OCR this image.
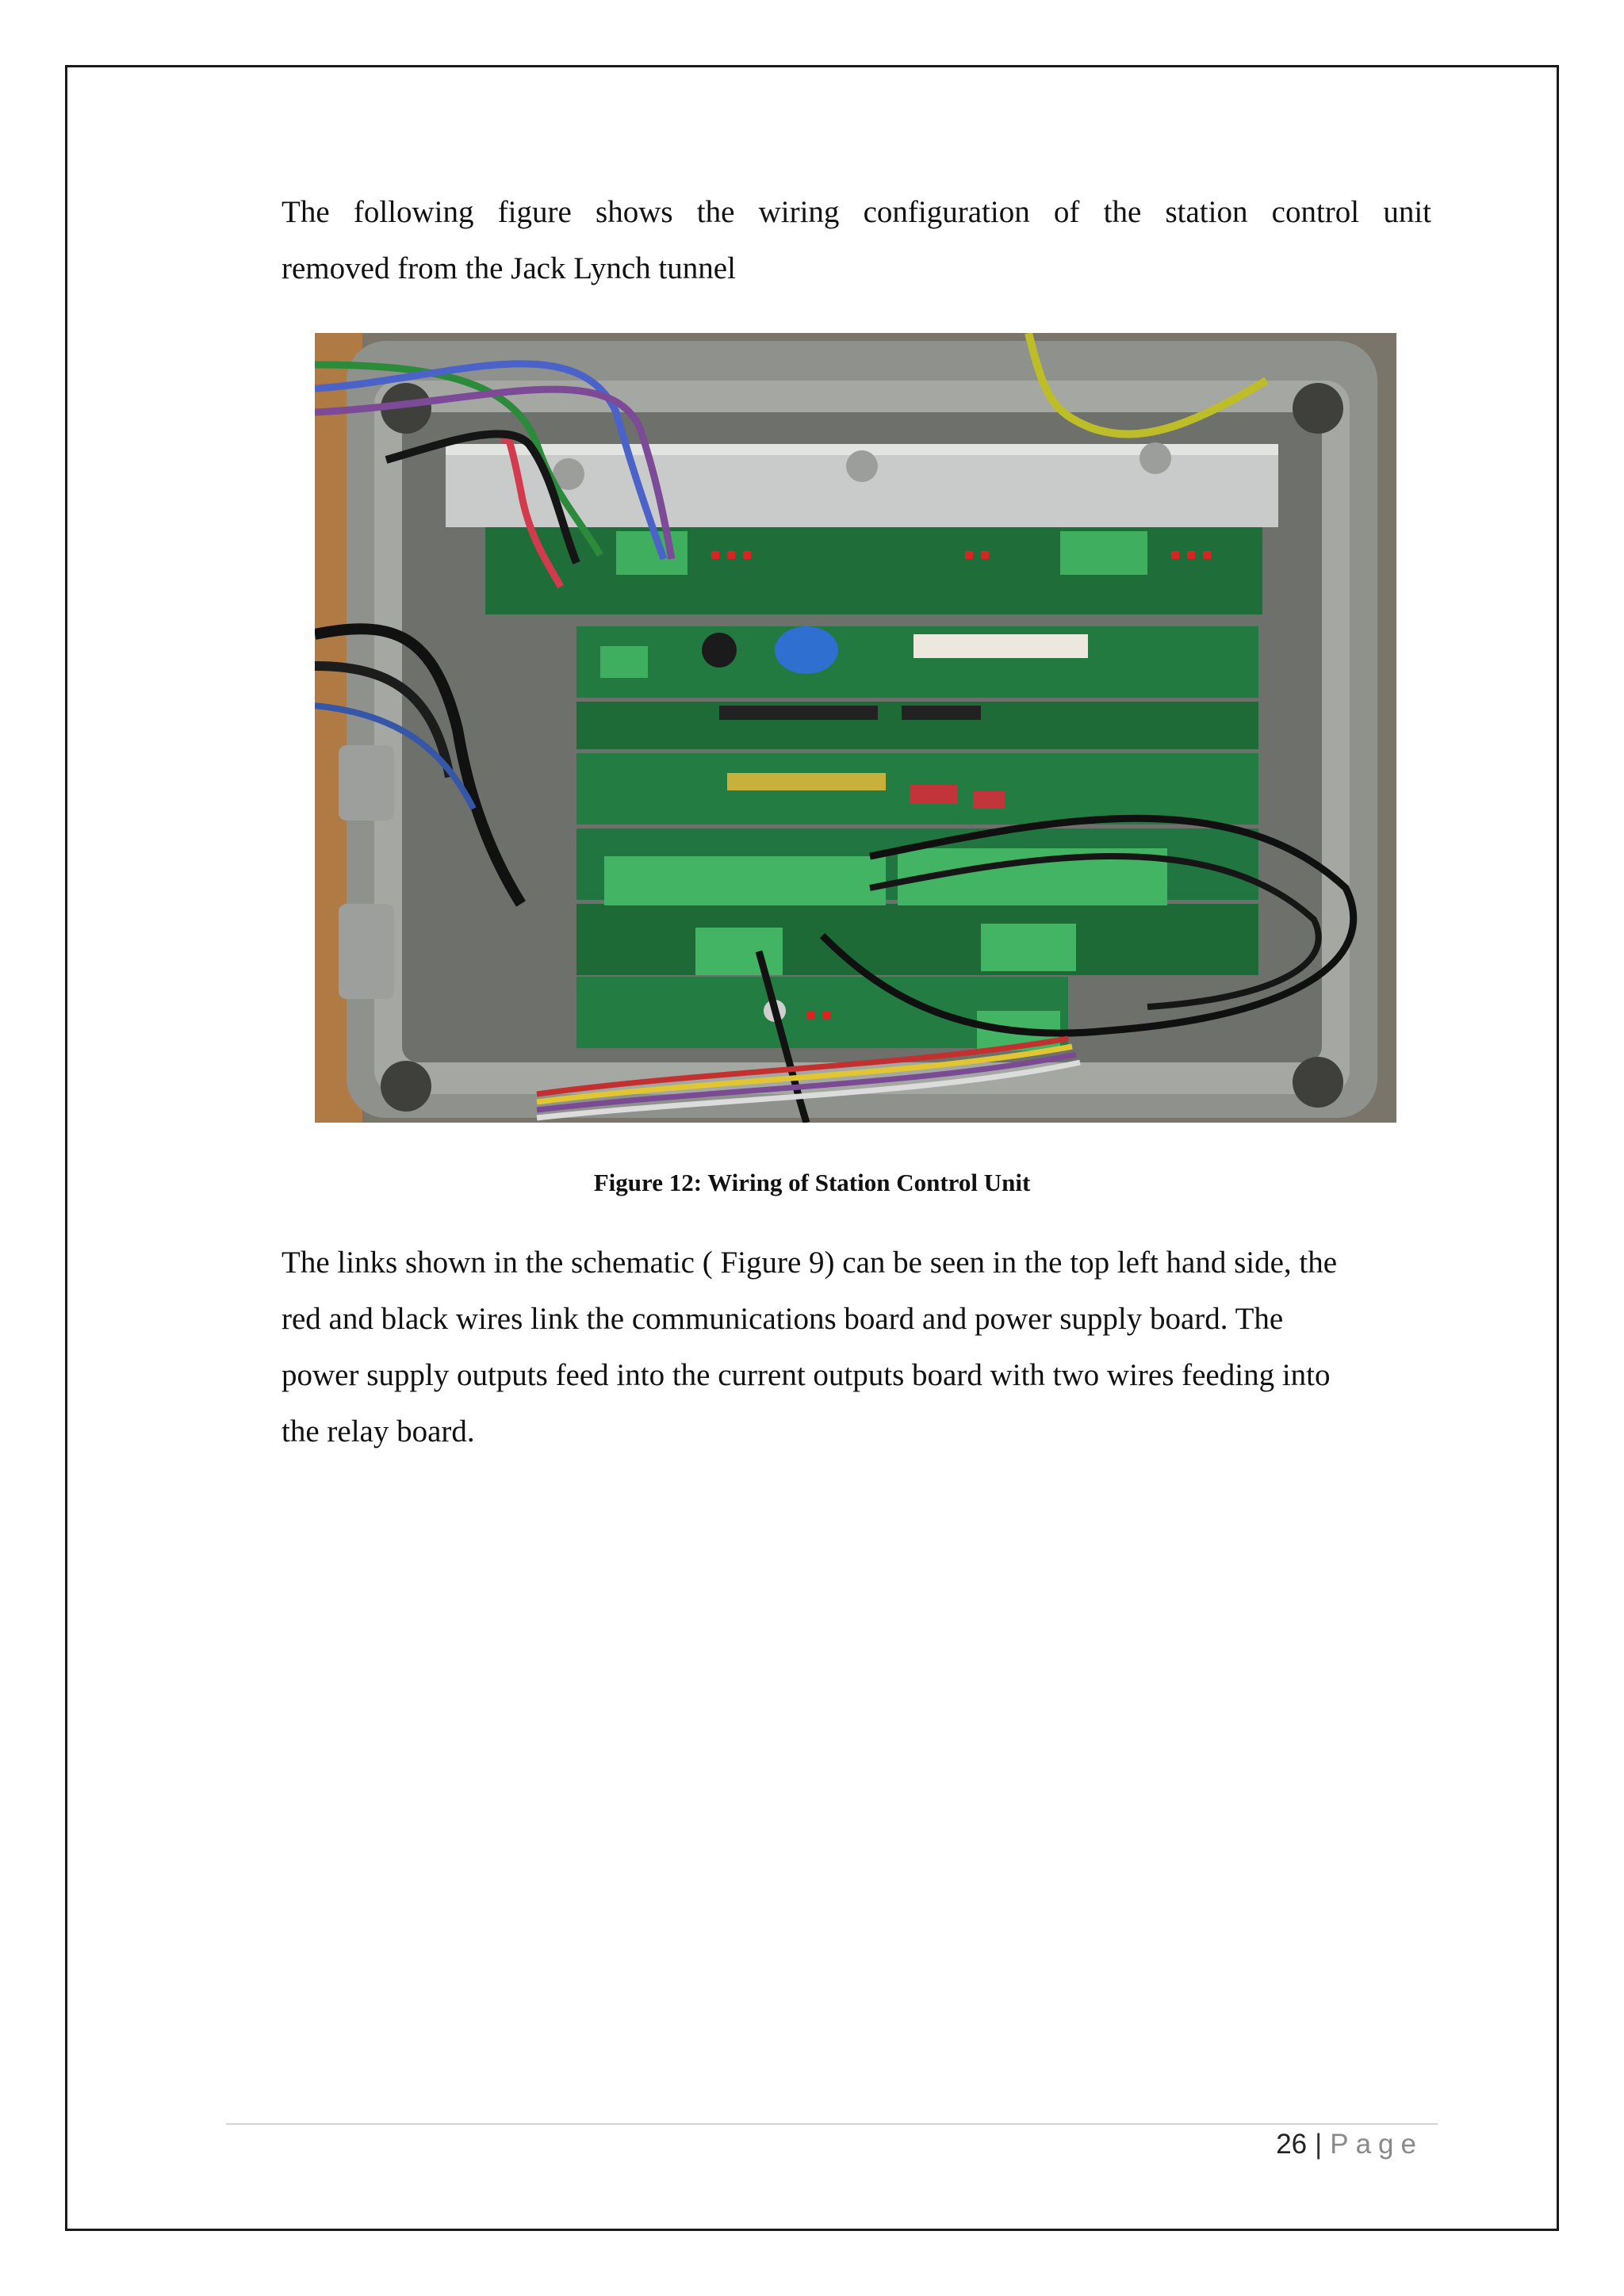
The following figure shows the wiring configuration of the station control unit
removed from the Jack Lynch tunnel

Figure 12: Wiring of Station Control Unit

The links shown in the schematic ( Figure 9) can be seen in the top left hand side, the
red and black wires link the communications board and power supply board. The
power supply outputs feed into the current outputs board with two wires feeding into
the relay board.

26 | Page
